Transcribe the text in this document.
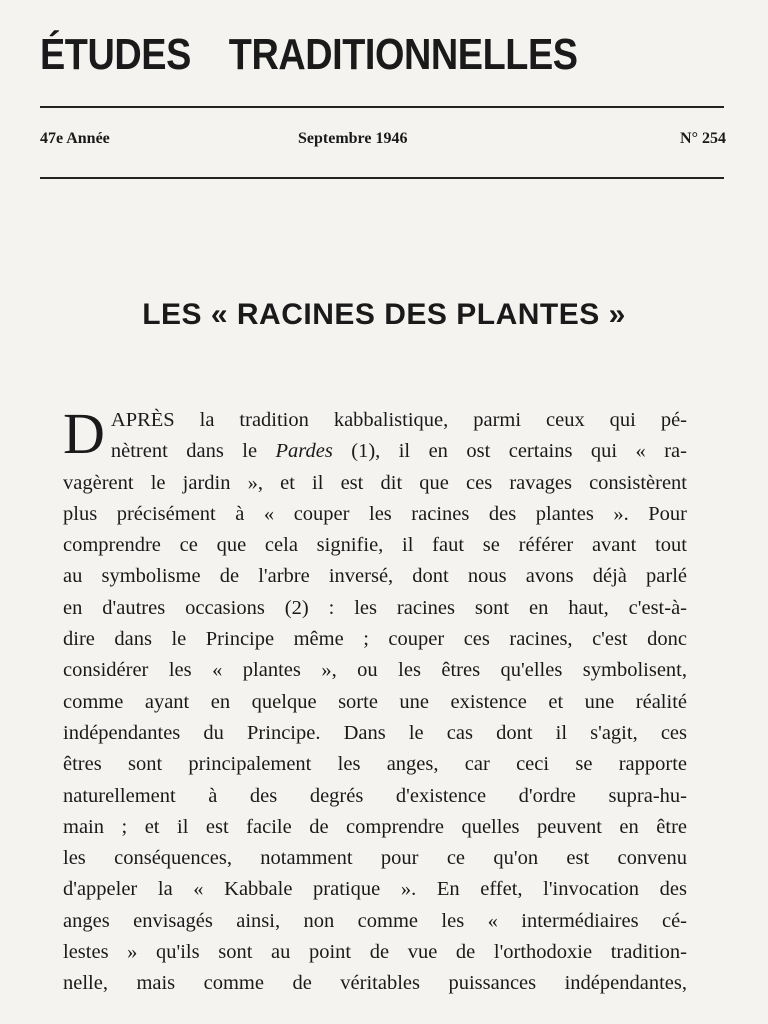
ÉTUDES TRADITIONNELLES
47e Année	Septembre 1946	N° 254
LES « RACINES DES PLANTES »
D APRÈS la tradition kabbalistique, parmi ceux qui pé-
nètrent dans le Pardes (1), il en ost certains qui « ra-
vagèrent le jardin », et il est dit que ces ravages consistèrent
plus précisément à « couper les racines des plantes ». Pour
comprendre ce que cela signifie, il faut se référer avant tout
au symbolisme de l'arbre inversé, dont nous avons déjà parlé
en d'autres occasions (2) : les racines sont en haut, c'est-à-
dire dans le Principe même ; couper ces racines, c'est donc
considérer les « plantes », ou les êtres qu'elles symbolisent,
comme ayant en quelque sorte une existence et une réalité
indépendantes du Principe. Dans le cas dont il s'agit, ces
êtres sont principalement les anges, car ceci se rapporte
naturellement à des degrés d'existence d'ordre supra-hu-
main ; et il est facile de comprendre quelles peuvent en être
les conséquences, notamment pour ce qu'on est convenu
d'appeler la « Kabbale pratique ». En effet, l'invocation des
anges envisagés ainsi, non comme les « intermédiaires cé-
lestes » qu'ils sont au point de vue de l'orthodoxie tradition-
nelle, mais comme de véritables puissances indépendantes,
